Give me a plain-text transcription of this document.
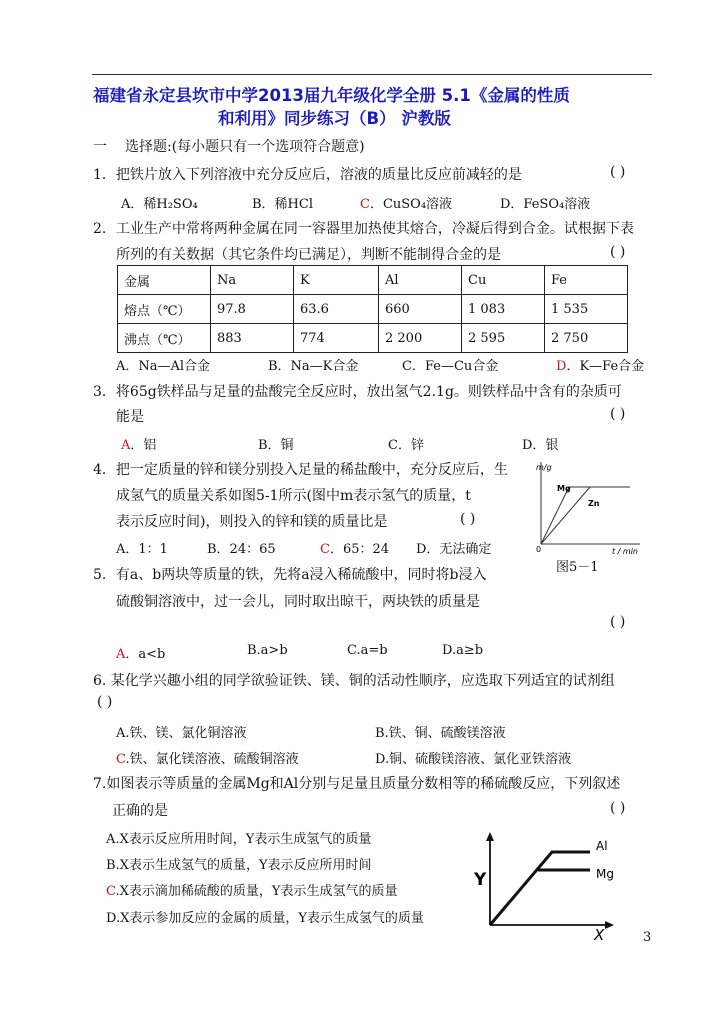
福建省永定县坎市中学2013届九年级化学全册 5.1《金属的性质
和利用》同步练习（B） 沪教版
一 选择题:(每小题只有一个选项符合题意)
1．把铁片放入下列溶液中充分反应后，溶液的质量比反应前减轻的是	( )
A．稀H₂SO₄	B．稀HCl	C．CuSO₄溶液	D．FeSO₄溶液
2．工业生产中常将两种金属在同一容器里加热使其熔合，冷凝后得到合金。试根据下表
所列的有关数据（其它条件均已满足），判断不能制得合金的是	( )
金属	Na	K	Al	Cu	Fe
熔点（℃）	97.8	63.6	660	1 083	1 535
沸点（℃）	883	774	2 200	2 595	2 750
A．Na—Al合金	B．Na—K合金	C．Fe—Cu合金	D．K—Fe合金
3．将65g铁样品与足量的盐酸完全反应时，放出氢气2.1g。则铁样品中含有的杂质可
能是	( )
A．铝	B．铜	C．锌	D．银
4．把一定质量的锌和镁分别投入足量的稀盐酸中，充分反应后，生
成氢气的质量关系如图5-1所示(图中m表示氢气的质量，t
表示反应时间)，则投入的锌和镁的质量比是	( )
A．1：1	B．24：65	C．65：24 D．无法确定
m/g
Mg
Zn
0	t / min
图5－1
5．有a、b两块等质量的铁，先将a浸入稀硫酸中，同时将b浸入
硫酸铜溶液中，过一会儿，同时取出晾干，两块铁的质量是
( )
A．a<b	B.a>b	C.a=b	D.a≥b
6. 某化学兴趣小组的同学欲验证铁、镁、铜的活动性顺序，应选取下列适宜的试剂组
( )
A.铁、镁、氯化铜溶液	B.铁、铜、硫酸镁溶液
C.铁、氯化镁溶液、硫酸铜溶液	D.铜、硫酸镁溶液、氯化亚铁溶液
7.如图表示等质量的金属Mg和Al分别与足量且质量分数相等的稀硫酸反应，下列叙述
正确的是	( )
A.X表示反应所用时间，Y表示生成氢气的质量
B.X表示生成氢气的质量，Y表示反应所用时间
C.X表示滴加稀硫酸的质量，Y表示生成氢气的质量
D.X表示参加反应的金属的质量，Y表示生成氢气的质量
Y
X
Al
Mg
3
